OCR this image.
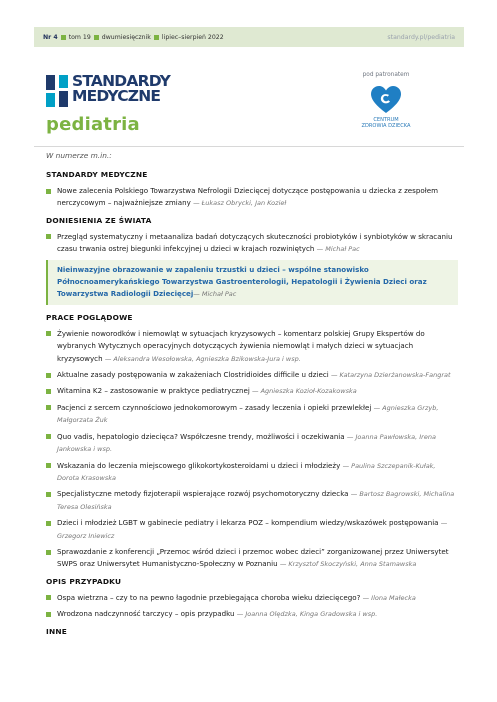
Nr 4 tom 19 dwumiesięcznik lipiec–sierpień 2022	standardy.pl/pediatria
STANDARDY
MEDYCZNE
pediatria
pod patronatem
CENTRUM
ZDROWIA DZIECKA
W numerze m.in.:
STANDARDY MEDYCZNE
Nowe zalecenia Polskiego Towarzystwa Nefrologii Dziecięcej dotyczące postępowania u dziecka z zespołem nerczycowym – najważniejsze zmiany — Łukasz Obrycki, Jan Kozieł
DONIESIENIA ZE ŚWIATA
Przegląd systematyczny i metaanaliza badań dotyczących skuteczności probiotyków i synbiotyków w skracaniu czasu trwania ostrej biegunki infekcyjnej u dzieci w krajach rozwiniętych — Michał Pac
Nieinwazyjne obrazowanie w zapaleniu trzustki u dzieci – wspólne stanowisko Północnoamerykańskiego Towarzystwa Gastroenterologii, Hepatologii i Żywienia Dzieci oraz Towarzystwa Radiologii Dziecięcej— Michał Pac
PRACE POGLĄDOWE
Żywienie noworodków i niemowląt w sytuacjach kryzysowych – komentarz polskiej Grupy Ekspertów do wybranych Wytycznych operacyjnych dotyczących żywienia niemowląt i małych dzieci w sytuacjach kryzysowych — Aleksandra Wesołowska, Agnieszka Bzikowska-Jura i wsp.
Aktualne zasady postępowania w zakażeniach Clostridioides difficile u dzieci — Katarzyna Dzierżanowska-Fangrat
Witamina K2 – zastosowanie w praktyce pediatrycznej — Agnieszka Kozioł-Kozakowska
Pacjenci z sercem czynnościowo jednokomorowym – zasady leczenia i opieki przewlekłej — Agnieszka Grzyb, Małgorzata Żuk
Quo vadis, hepatologio dziecięca? Współczesne trendy, możliwości i oczekiwania — Joanna Pawłowska, Irena Jankowska i wsp.
Wskazania do leczenia miejscowego glikokortykosteroidami u dzieci i młodzieży — Paulina Szczepanik-Kułak, Dorota Krasowska
Specjalistyczne metody fizjoterapii wspierające rozwój psychomotoryczny dziecka — Bartosz Bagrowski, Michalina Teresa Olesińska
Dzieci i młodzież LGBT w gabinecie pediatry i lekarza POZ – kompendium wiedzy/wskazówek postępowania — Grzegorz Iniewicz
Sprawozdanie z konferencji „Przemoc wśród dzieci i przemoc wobec dzieci” zorganizowanej przez Uniwersytet SWPS oraz Uniwersytet Humanistyczno-Społeczny w Poznaniu — Krzysztof Skoczyński, Anna Stamawska
OPIS PRZYPADKU
Ospa wietrzna – czy to na pewno łagodnie przebiegająca choroba wieku dziecięcego? — Ilona Małecka
Wrodzona nadczynność tarczycy – opis przypadku — Joanna Olędzka, Kinga Gradowska i wsp.
INNE
